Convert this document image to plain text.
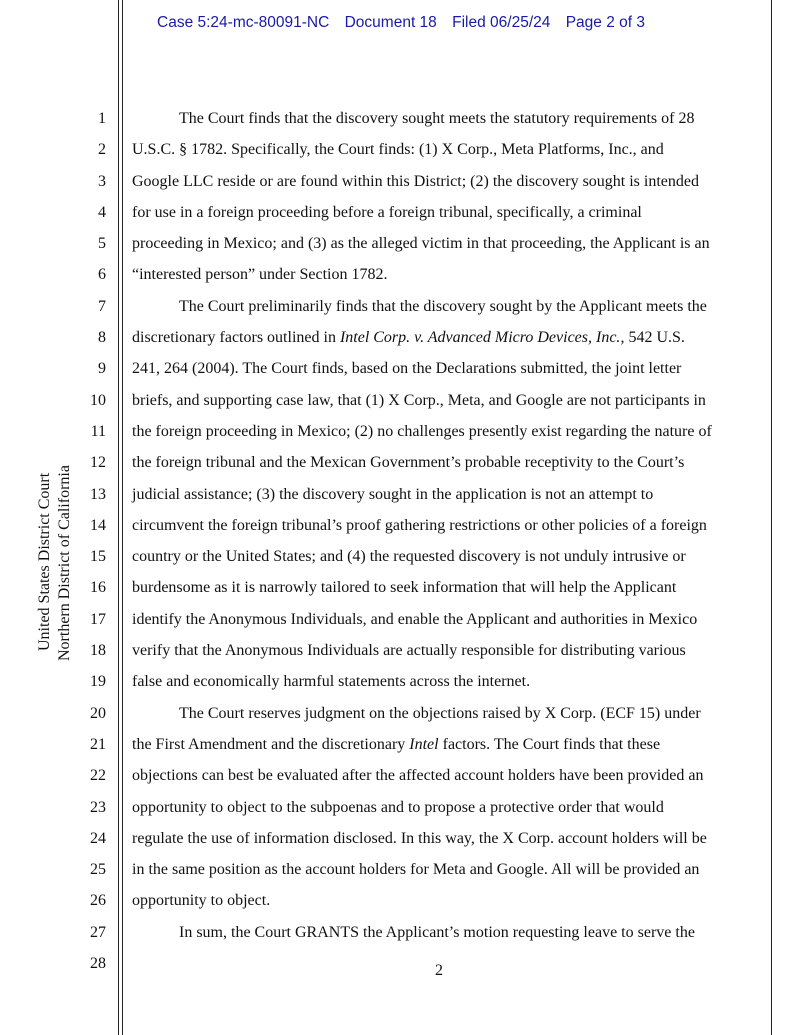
Case 5:24-mc-80091-NC Document 18 Filed 06/25/24 Page 2 of 3
United States District Court Northern District of California
1
2
3
4
5
6
7
8
9
10
11
12
13
14
15
16
17
18
19
20
21
22
23
24
25
26
27
28
The Court finds that the discovery sought meets the statutory requirements of 28
U.S.C. § 1782. Specifically, the Court finds: (1) X Corp., Meta Platforms, Inc., and
Google LLC reside or are found within this District; (2) the discovery sought is intended
for use in a foreign proceeding before a foreign tribunal, specifically, a criminal
proceeding in Mexico; and (3) as the alleged victim in that proceeding, the Applicant is an
“interested person” under Section 1782.
The Court preliminarily finds that the discovery sought by the Applicant meets the
discretionary factors outlined in Intel Corp. v. Advanced Micro Devices, Inc., 542 U.S.
241, 264 (2004). The Court finds, based on the Declarations submitted, the joint letter
briefs, and supporting case law, that (1) X Corp., Meta, and Google are not participants in
the foreign proceeding in Mexico; (2) no challenges presently exist regarding the nature of
the foreign tribunal and the Mexican Government’s probable receptivity to the Court’s
judicial assistance; (3) the discovery sought in the application is not an attempt to
circumvent the foreign tribunal’s proof gathering restrictions or other policies of a foreign
country or the United States; and (4) the requested discovery is not unduly intrusive or
burdensome as it is narrowly tailored to seek information that will help the Applicant
identify the Anonymous Individuals, and enable the Applicant and authorities in Mexico
verify that the Anonymous Individuals are actually responsible for distributing various
false and economically harmful statements across the internet.
The Court reserves judgment on the objections raised by X Corp. (ECF 15) under
the First Amendment and the discretionary Intel factors. The Court finds that these
objections can best be evaluated after the affected account holders have been provided an
opportunity to object to the subpoenas and to propose a protective order that would
regulate the use of information disclosed. In this way, the X Corp. account holders will be
in the same position as the account holders for Meta and Google. All will be provided an
opportunity to object.
In sum, the Court GRANTS the Applicant’s motion requesting leave to serve the
2
